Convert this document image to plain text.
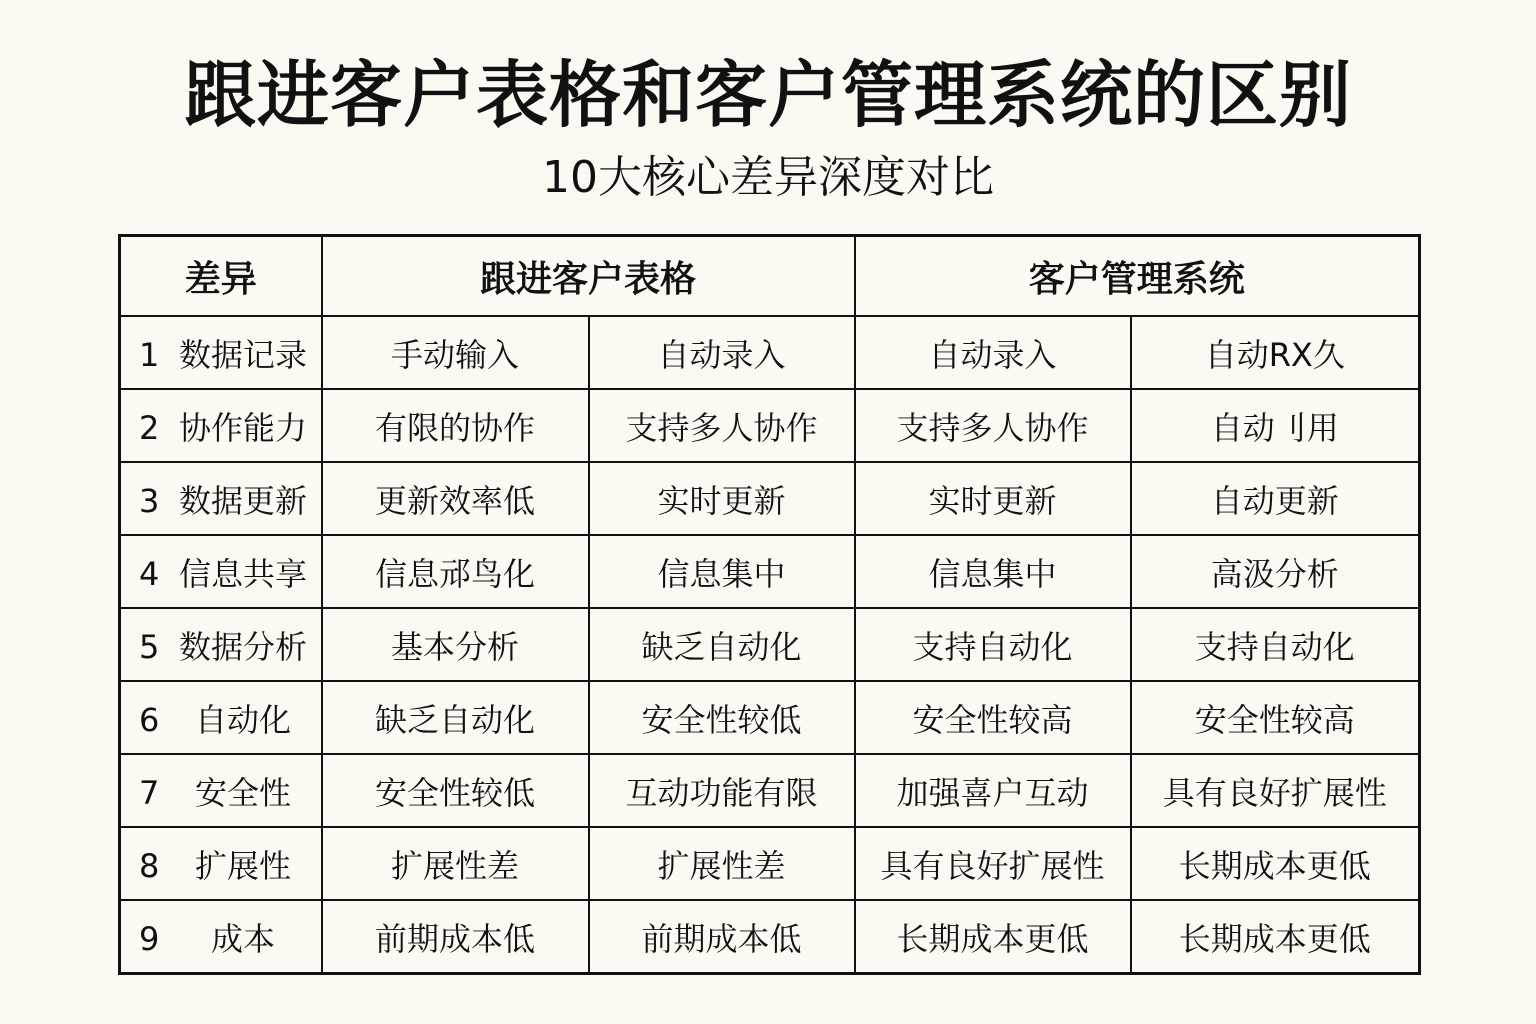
跟进客户表格和客户管理系统的区别
10大核心差异深度对比
差异	跟进客户表格		客户管理系统	
1 数据记录	手动输入	自动录入	自动录入	自动RX久
2 协作能力	有限的协作	支持多人协作	支持多人协作	自动刂用
3 数据更新	更新效率低	实时更新	实时更新	自动更新
4 信息共享	信息邧鸟化	信息集中	信息集中	高汲分析
5 数据分析	基本分析	缺乏自动化	支持自动化	支持自动化
6 自动化	缺乏自动化	安全性较低	安全性较高	安全性较高
7 安全性	安全性较低	互动功能有限	加强喜户互动	具有良好扩展性
8 扩展性	扩展性差	扩展性差	具有良好扩展性	长期成本更低
9 成本	前期成本低	前期成本低	长期成本更低	长期成本更低
